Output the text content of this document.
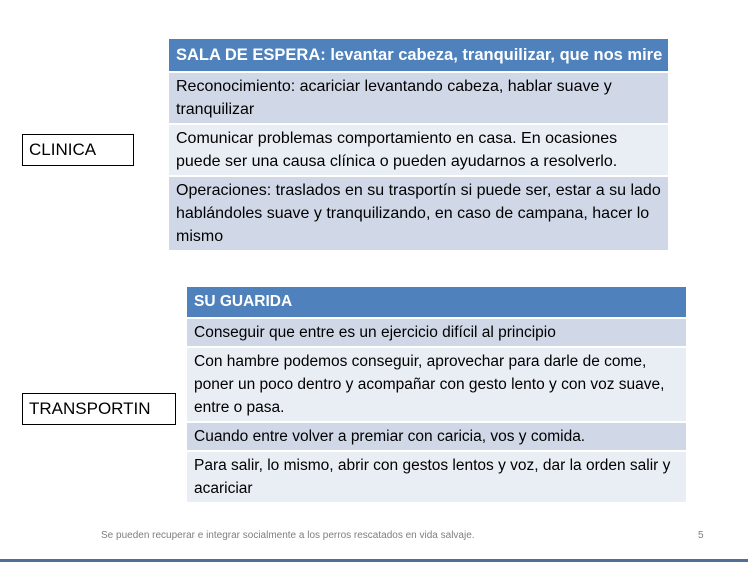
CLINICA
SALA DE ESPERA: levantar cabeza, tranquilizar, que nos mire
Reconocimiento: acariciar levantando cabeza, hablar suave y tranquilizar
Comunicar problemas comportamiento en casa. En ocasiones puede ser una causa clínica o pueden ayudarnos a resolverlo.
Operaciones: traslados en su trasportín si puede ser, estar a su lado hablándoles suave y tranquilizando, en caso de campana, hacer lo mismo
TRANSPORTIN
SU GUARIDA
Conseguir que entre es un ejercicio difícil al principio
Con hambre podemos conseguir, aprovechar para darle de come, poner un poco dentro y acompañar con gesto lento y con voz suave, entre o pasa.
Cuando entre volver a premiar con caricia, vos y comida.
Para salir, lo mismo, abrir con gestos lentos y voz, dar la orden salir y acariciar
Se pueden recuperar e integrar socialmente a los perros rescatados en vida salvaje.	5
